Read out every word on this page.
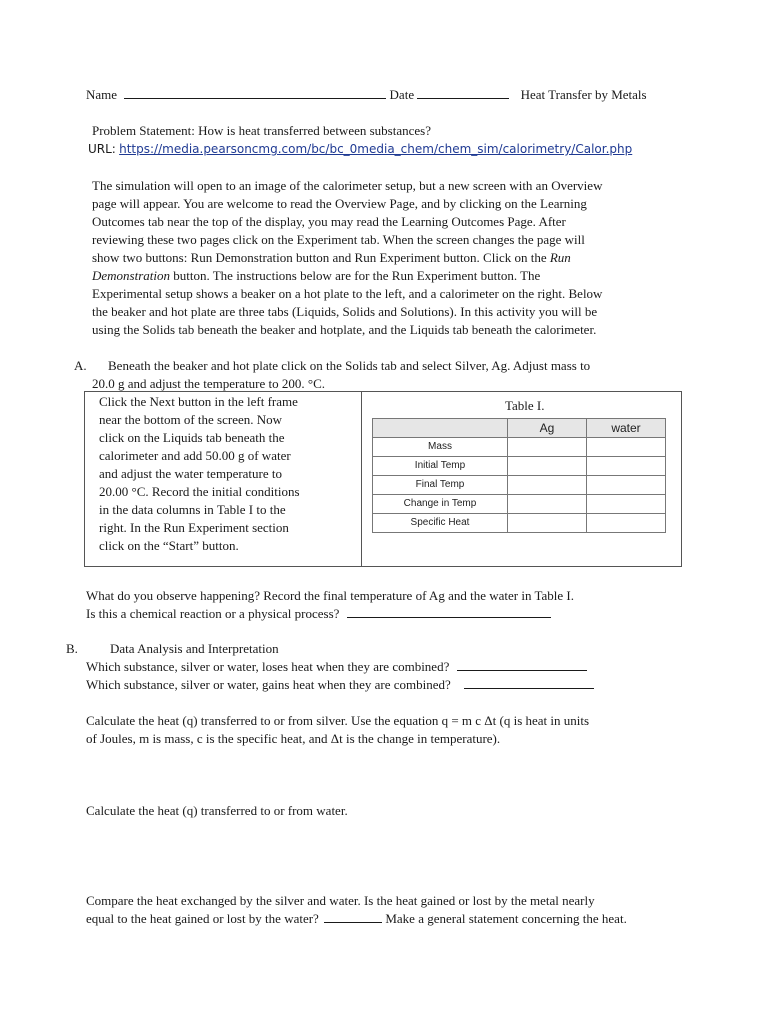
Name	Date	Heat Transfer by Metals
Problem Statement: How is heat transferred between substances?
URL: https://media.pearsoncmg.com/bc/bc_0media_chem/chem_sim/calorimetry/Calor.php
The simulation will open to an image of the calorimeter setup, but a new screen with an Overview
page will appear. You are welcome to read the Overview Page, and by clicking on the Learning
Outcomes tab near the top of the display, you may read the Learning Outcomes Page. After
reviewing these two pages click on the Experiment tab. When the screen changes the page will
show two buttons: Run Demonstration button and Run Experiment button. Click on the Run
Demonstration button. The instructions below are for the Run Experiment button. The
Experimental setup shows a beaker on a hot plate to the left, and a calorimeter on the right. Below
the beaker and hot plate are three tabs (Liquids, Solids and Solutions). In this activity you will be
using the Solids tab beneath the beaker and hotplate, and the Liquids tab beneath the calorimeter.
A. Beneath the beaker and hot plate click on the Solids tab and select Silver, Ag. Adjust mass to
20.0 g and adjust the temperature to 200. °C.
Click the Next button in the left frame
near the bottom of the screen. Now
click on the Liquids tab beneath the
calorimeter and add 50.00 g of water
and adjust the water temperature to
20.00 °C. Record the initial conditions
in the data columns in Table I to the
right. In the Run Experiment section
click on the “Start” button.
Table I.
	Ag	water
Mass		
Initial Temp		
Final Temp		
Change in Temp		
Specific Heat		
What do you observe happening? Record the final temperature of Ag and the water in Table I.
Is this a chemical reaction or a physical process?
B. Data Analysis and Interpretation
Which substance, silver or water, loses heat when they are combined?
Which substance, silver or water, gains heat when they are combined?
Calculate the heat (q) transferred to or from silver. Use the equation q = m c Δt (q is heat in units
of Joules, m is mass, c is the specific heat, and Δt is the change in temperature).
Calculate the heat (q) transferred to or from water.
Compare the heat exchanged by the silver and water. Is the heat gained or lost by the metal nearly
equal to the heat gained or lost by the water?	Make a general statement concerning the heat.
